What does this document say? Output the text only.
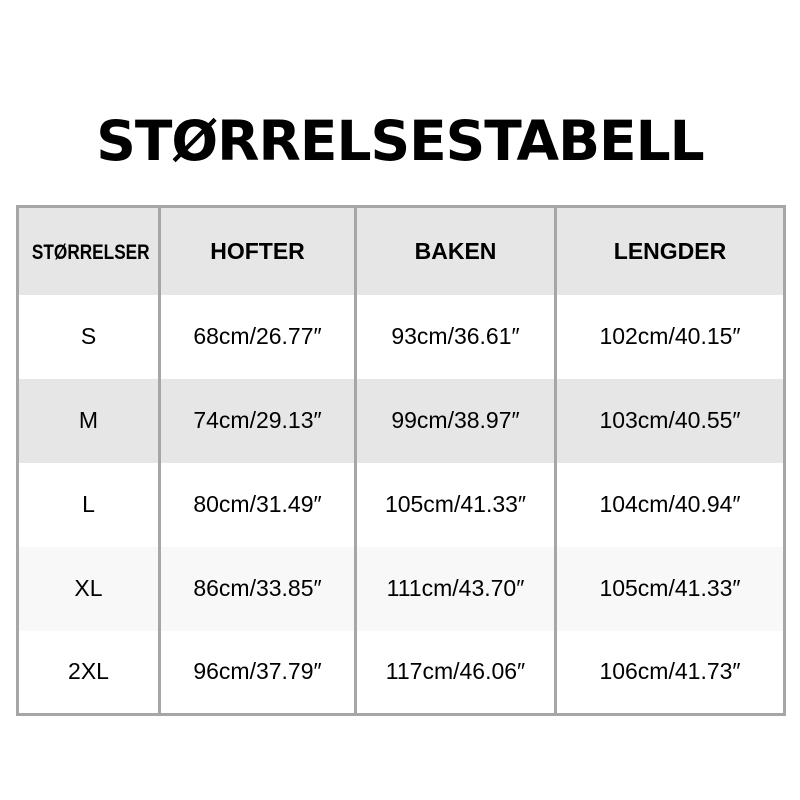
STØRRELSESTABELL
STØRRELSER	HOFTER	BAKEN	LENGDER
S	68cm/26.77″	93cm/36.61″	102cm/40.15″
M	74cm/29.13″	99cm/38.97″	103cm/40.55″
L	80cm/31.49″	105cm/41.33″	104cm/40.94″
XL	86cm/33.85″	111cm/43.70″	105cm/41.33″
2XL	96cm/37.79″	117cm/46.06″	106cm/41.73″
